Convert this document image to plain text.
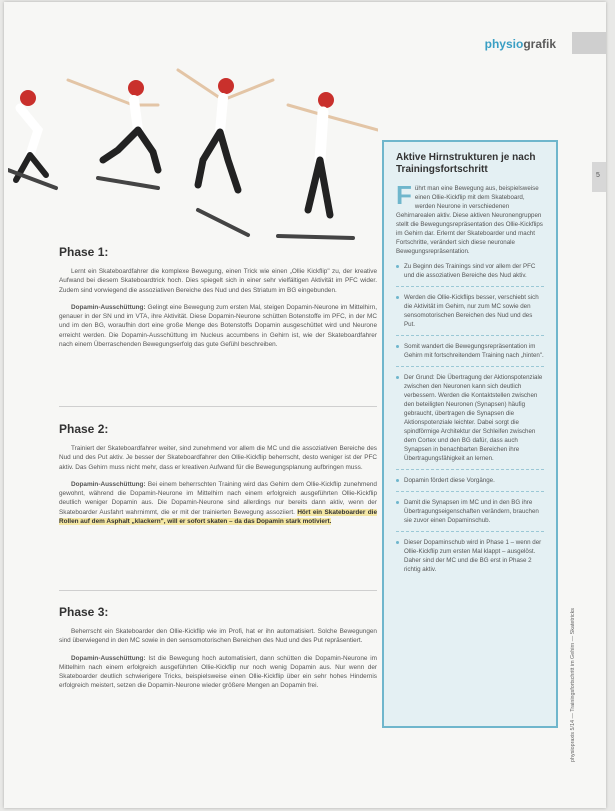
physiografik
5
Phase 1:

Lernt ein Skateboardfahrer die komplexe Bewegung, einen Trick wie einen „Ollie Kickflip" zu, der kreative Aufwand bei diesem Skateboardtrick hoch. Dies spiegelt sich in einer sehr vielfältigen Aktivität im PFC wider. Zudem sind vorwiegend die assoziativen Bereiche des Nud und des Striatum im BG eingebunden.

Dopamin-Ausschüttung: Gelingt eine Bewegung zum ersten Mal, steigen Dopamin-Neurone im Mittelhirn, genauer in der SN und im VTA, ihre Aktivität. Diese Dopamin-Neurone schütten Botenstoffe im PFC, in der MC und im den BG, woraufhin dort eine große Menge des Botenstoffs Dopamin ausgeschüttet wird und Neurone erreicht werden. Die Dopamin-Ausschüttung im Nucleus accumbens in Gehirn ist, wie der Skateboardfahrer nach einem Überraschenden Bewegungserfolg das gute Gefühl beschreiben.

Phase 2:

Trainiert der Skateboardfahrer weiter, sind zunehmend vor allem die MC und die assoziativen Bereiche des Nud und des Put aktiv. Je besser der Skateboardfahrer den Ollie-Kickflip beherrscht, desto weniger ist der PFC aktiv. Das Gehirn muss nicht mehr, dass er kreativen Aufwand für die Bewegungsplanung aufbringen muss.

Dopamin-Ausschüttung: Bei einem beherrschten Training wird das Gehirn dem Ollie-Kickflip zunehmend gewohnt, während die Dopamin-Neurone im Mittelhirn nach einem erfolgreich ausgeführten Ollie-Kickflip deutlich weniger Dopamin aus. Die Dopamin-Neurone sind allerdings nur bereits dann aktiv, wenn der Skateboarder Ausfahrt wahrnimmt, die er mit der trainierten Bewegung assoziiert. Hört ein Skateboarder die Rollen auf dem Asphalt „klackern", will er sofort skaten – da das Dopamin stark motiviert.

Phase 3:

Beherrscht ein Skateboarder den Ollie-Kickflip wie im Profi, hat er ihn automatisiert. Solche Bewegungen sind überwiegend in den MC sowie in den sensomotorischen Bereichen des Nud und des Put repräsentiert.

Dopamin-Ausschüttung: Ist die Bewegung hoch automatisiert, dann schütten die Dopamin-Neurone im Mittelhirn nach einem erfolgreich ausgeführten Ollie-Kickflip nur noch wenig Dopamin aus. Nur wenn der Skateboarder deutlich schwierigere Tricks, beispielsweise einen Ollie-Kickflip über ein sehr hohes Hindernis erfolgreich meistert, setzen die Dopamin-Neurone wieder größere Mengen an Dopamin frei.

Aktive Hirnstrukturen je nach Trainingsfortschritt
Führt man eine Bewegung aus, beispielsweise einen Ollie-Kickflip mit dem Skateboard, werden Neurone in verschiedenen Gehirnarealen aktiv. Diese aktiven Neuronengruppen stellt die Bewegungsrepräsentation des Ollie-Kickflips im Gehirn dar. Erlernt der Skateboarder und macht Fortschritte, verändert sich diese neuronale Bewegungsrepräsentation.
Zu Beginn des Trainings sind vor allem der PFC und die assoziativen Bereiche des Nud aktiv.
Werden die Ollie-Kickflips besser, verschiebt sich die Aktivität im Gehirn, nur zum MC sowie den sensomotorischen Bereichen des Nud und des Put.
Somit wandert die Bewegungsrepräsentation im Gehirn mit fortschreitendem Training nach „hinten".
Der Grund: Die Übertragung der Aktionspotenziale zwischen den Neuronen kann sich deutlich verbessern. Werden die Kontaktstellen zwischen den beteiligten Neuronen (Synapsen) häufig gebraucht, übertragen die Synapsen die Aktionspotenziale leichter. Dabei sorgt die spindförmige Architektur der Schleifen zwischen dem Cortex und den BG dafür, dass auch Synapsen in benachbarten Bereichen ihre Übertragungsfähigkeit an lernen.
Dopamin fördert diese Vorgänge.
Damit die Synapsen im MC und in den BG ihre Übertragungseigenschaften verändern, brauchen sie zuvor einen Dopaminschub.
Dieser Dopaminschub wird in Phase 1 – wenn der Ollie-Kickflip zum ersten Mal klappt – ausgelöst. Daher sind der MC und die BG erst in Phase 2 richtig aktiv.
physiopraxis 5/14 — Trainingsfortschritt im Gehirn — Skatetricks
